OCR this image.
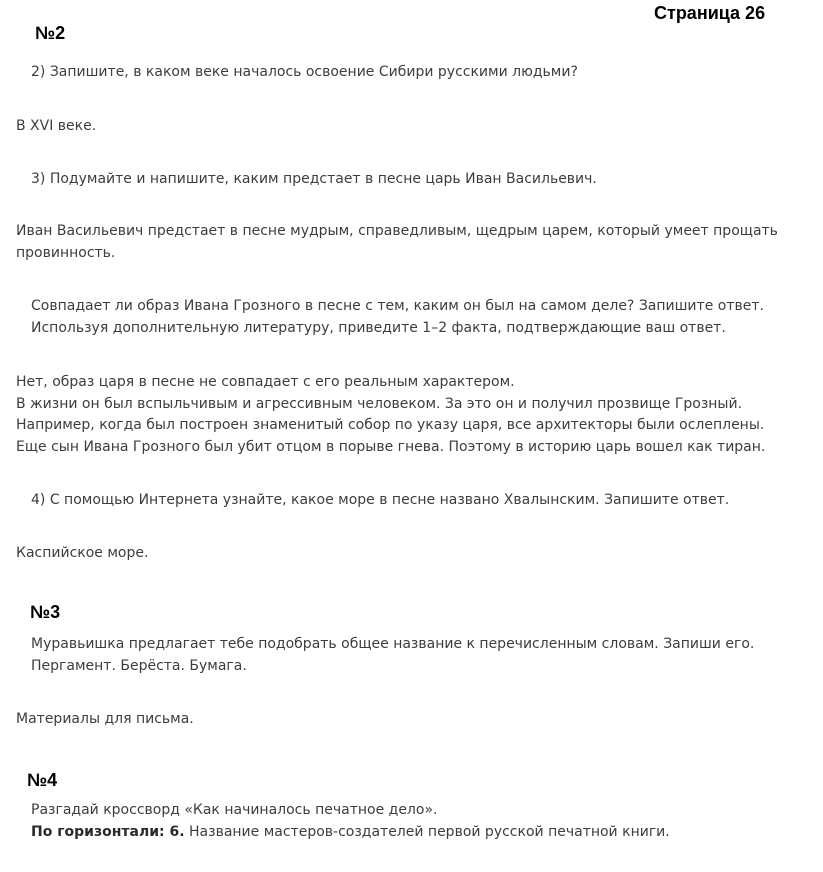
Страница 26
№2
2) Запишите, в каком веке началось освоение Сибири русскими людьми?
В XVI веке.
3) Подумайте и напишите, каким предстает в песне царь Иван Васильевич.
Иван Васильевич предстает в песне мудрым, справедливым, щедрым царем, который умеет прощать
провинность.
Совпадает ли образ Ивана Грозного в песне с тем, каким он был на самом деле? Запишите ответ.
Используя дополнительную литературу, приведите 1–2 факта, подтверждающие ваш ответ.
Нет, образ царя в песне не совпадает с его реальным характером.
В жизни он был вспыльчивым и агрессивным человеком. За это он и получил прозвище Грозный.
Например, когда был построен знаменитый собор по указу царя, все архитекторы были ослеплены.
Еще сын Ивана Грозного был убит отцом в порыве гнева. Поэтому в историю царь вошел как тиран.
4) С помощью Интернета узнайте, какое море в песне названо Хвалынским. Запишите ответ.
Каспийское море.
№3
Муравьишка предлагает тебе подобрать общее название к перечисленным словам. Запиши его.
Пергамент. Берёста. Бумага.
Материалы для письма.
№4
Разгадай кроссворд «Как начиналось печатное дело».
По горизонтали: 6. Название мастеров-создателей первой русской печатной книги.
